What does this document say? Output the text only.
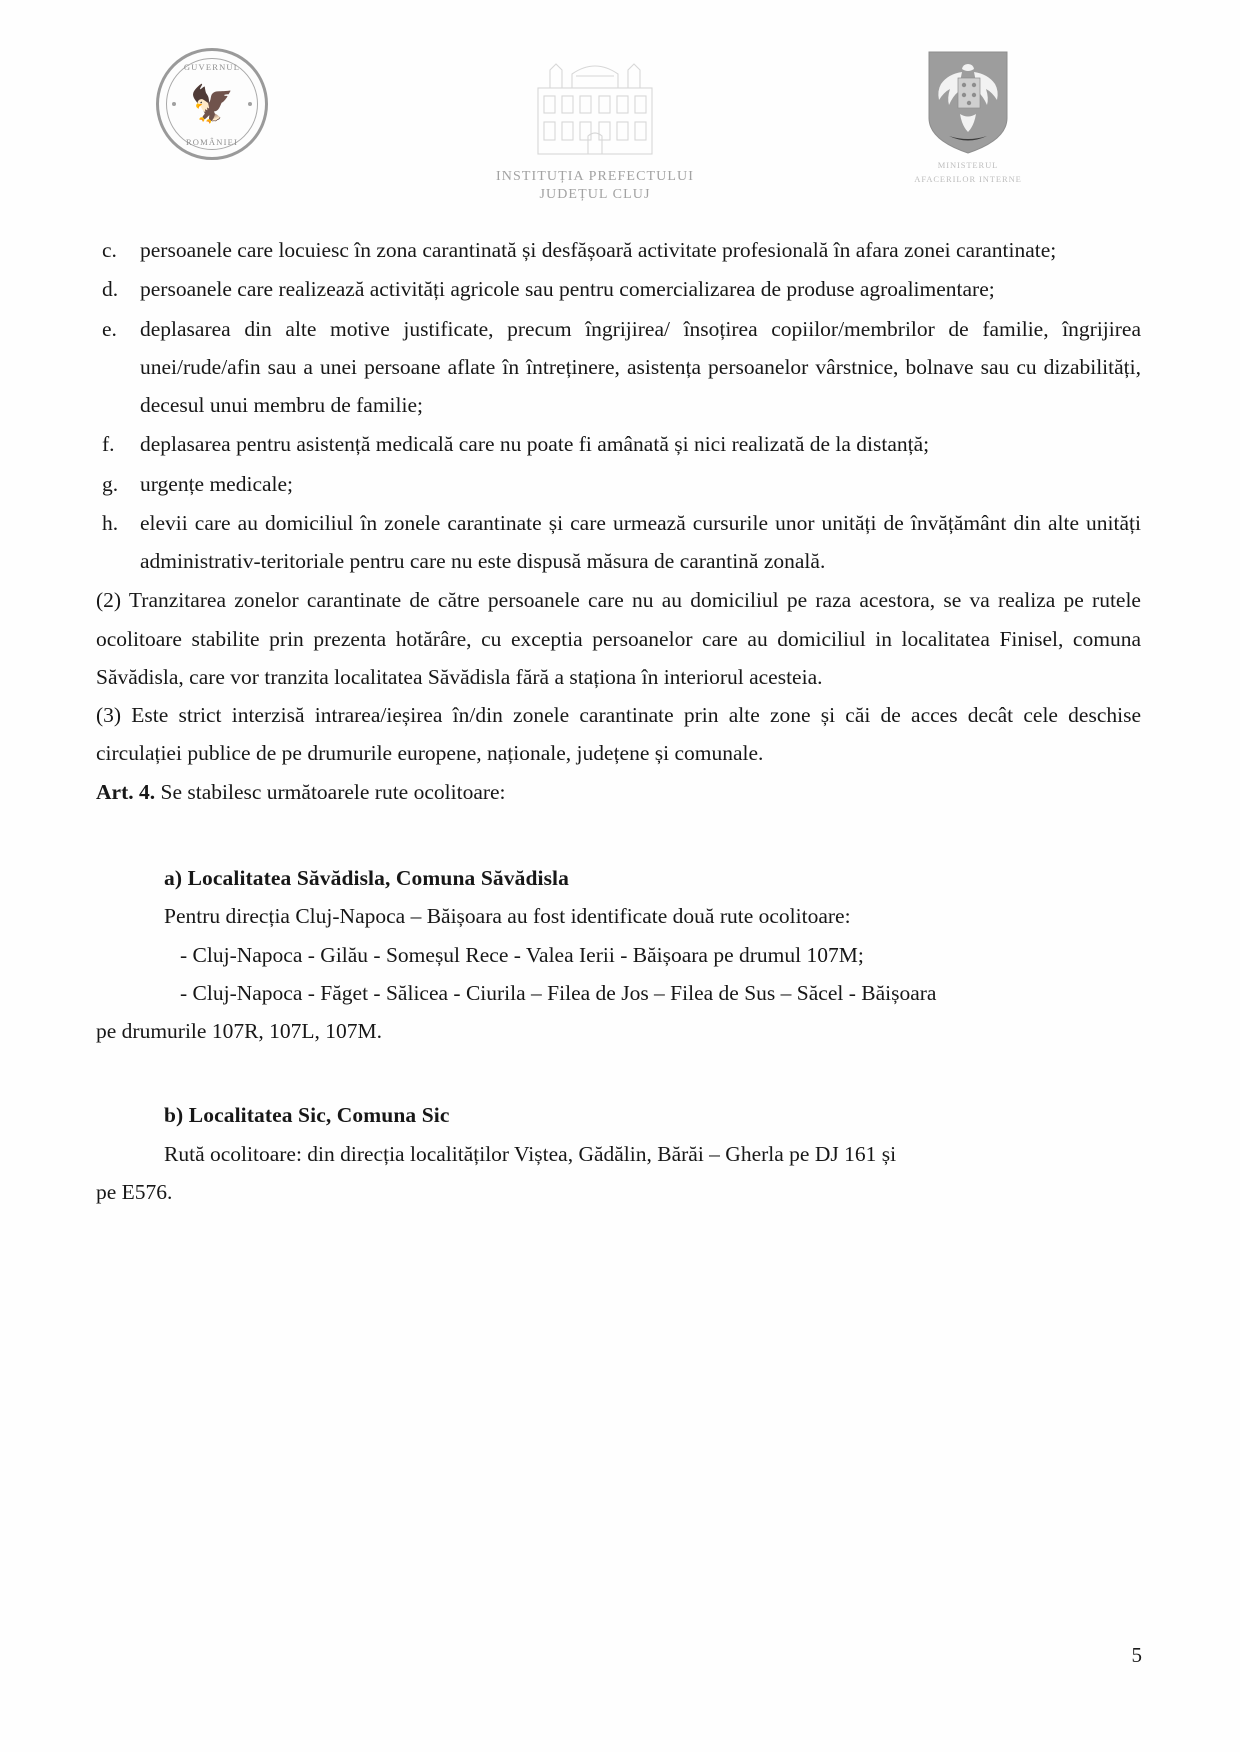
GUVERNUL
🦅
ROMÂNIEI
INSTITUȚIA PREFECTULUI
JUDEȚUL CLUJ
MINISTERUL
AFACERILOR INTERNE
c.	persoanele care locuiesc în zona carantinată și desfășoară activitate profesională în afara zonei carantinate;
d.	persoanele care realizează activități agricole sau pentru comercializarea de produse agroalimentare;
e.	deplasarea din alte motive justificate, precum îngrijirea/ însoțirea copiilor/membrilor de familie, îngrijirea unei/rude/afin sau a unei persoane aflate în întreținere, asistența persoanelor vârstnice, bolnave sau cu dizabilități, decesul unui membru de familie;
f.	deplasarea pentru asistență medicală care nu poate fi amânată și nici realizată de la distanță;
g.	urgențe medicale;
h.	elevii care au domiciliul în zonele carantinate și care urmează cursurile unor unități de învățământ din alte unități administrativ-teritoriale pentru care nu este dispusă măsura de carantină zonală.

(2) Tranzitarea zonelor carantinate de către persoanele care nu au domiciliul pe raza acestora, se va realiza pe rutele ocolitoare stabilite prin prezenta hotărâre, cu exceptia persoanelor care au domiciliul in localitatea Finisel, comuna Săvădisla, care vor tranzita localitatea Săvădisla fără a staționa în interiorul acesteia.

(3) Este strict interzisă intrarea/ieșirea în/din zonele carantinate prin alte zone și căi de acces decât cele deschise circulației publice de pe drumurile europene, naționale, județene și comunale.

Art. 4. Se stabilesc următoarele rute ocolitoare:

a) Localitatea Săvădisla, Comuna Săvădisla
Pentru direcția Cluj-Napoca – Băișoara au fost identificate două rute ocolitoare:
- Cluj-Napoca - Gilău - Someșul Rece - Valea Ierii - Băișoara pe drumul 107M;
- Cluj-Napoca - Făget - Sălicea - Ciurila – Filea de Jos – Filea de Sus – Săcel - Băișoara
pe drumurile 107R, 107L, 107M.
b) Localitatea Sic, Comuna Sic
Rută ocolitoare: din direcția localităților Viștea, Gădălin, Bărăi – Gherla pe DJ 161 și
pe E576.
5
